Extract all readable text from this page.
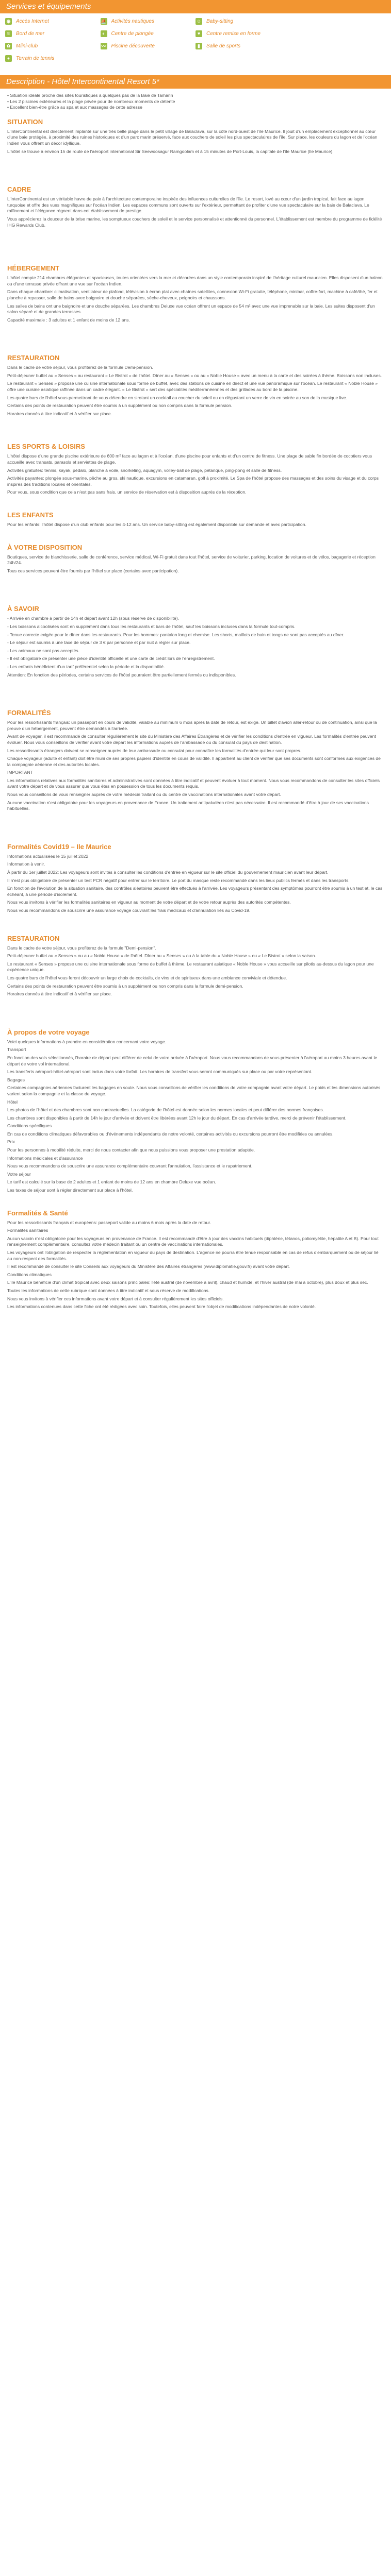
Services et équipements
◉ Accès Internet	⛵ Activités nautiques	☺ Baby-sitting
≈	Bord de mer	◐	Centre de plongée	♥	Centre remise en forme
✿ Miini-club	〰 Piscine découverte	▮	Salle de sports
●	Terrain de tennis
Description - Hôtel Intercontinental Resort 5*
• Situation idéale proche des sites touristiques à quelques pas de la Baie de Tamarin
• Les 2 piscines extérieures et la plage privée pour de nombreux moments de détente
• Excellent bien-être grâce au spa et aux massages de cette adresse
SITUATION

L'InterContinental est directement implanté sur une très belle plage dans le petit village de Balaclava, sur la côte nord-ouest de l'île Maurice. Il jouit d'un emplacement exceptionnel au cœur d'une baie protégée, à proximité des ruines historiques et d'un parc marin préservé, face aux couchers de soleil les plus spectaculaires de l'île. Sur place, les couleurs du lagon et de l'océan Indien vous offrent un décor idyllique.

L'hôtel se trouve à environ 1h de route de l'aéroport international Sir Seewoosagur Ramgoolam et à 15 minutes de Port-Louis, la capitale de l'île Maurice (Ile Maurice).

CADRE

L'InterContinental est un véritable havre de paix à l'architecture contemporaine inspirée des influences culturelles de l'île. Le resort, lové au cœur d'un jardin tropical, fait face au lagon turquoise et offre des vues magnifiques sur l'océan Indien. Les espaces communs sont ouverts sur l'extérieur, permettant de profiter d'une vue spectaculaire sur la baie de Balaclava. Le raffinement et l'élégance règnent dans cet établissement de prestige.

Vous apprécierez la douceur de la brise marine, les somptueux couchers de soleil et le service personnalisé et attentionné du personnel. L'établissement est membre du programme de fidélité IHG Rewards Club.

HÉBERGEMENT

L'hôtel compte 214 chambres élégantes et spacieuses, toutes orientées vers la mer et décorées dans un style contemporain inspiré de l'héritage culturel mauricien. Elles disposent d'un balcon ou d'une terrasse privée offrant une vue sur l'océan Indien.

Dans chaque chambre: climatisation, ventilateur de plafond, télévision à écran plat avec chaînes satellites, connexion Wi-Fi gratuite, téléphone, minibar, coffre-fort, machine à café/thé, fer et planche à repasser, salle de bains avec baignoire et douche séparées, sèche-cheveux, peignoirs et chaussons.

Les salles de bains ont une baignoire et une douche séparées. Les chambres Deluxe vue océan offrent un espace de 54 m² avec une vue imprenable sur la baie. Les suites disposent d'un salon séparé et de grandes terrasses.

Capacité maximale : 3 adultes et 1 enfant de moins de 12 ans.

RESTAURATION

Dans le cadre de votre séjour, vous profiterez de la formule Demi-pension.

Petit-déjeuner buffet au « Senses » au restaurant « Le Bistrot » de l'hôtel. Dîner au « Senses » ou au « Noble House » avec un menu à la carte et des soirées à thème. Boissons non incluses.

Le restaurant « Senses » propose une cuisine internationale sous forme de buffet, avec des stations de cuisine en direct et une vue panoramique sur l'océan. Le restaurant « Noble House » offre une cuisine asiatique raffinée dans un cadre élégant. « Le Bistrot » sert des spécialités méditerranéennes et des grillades au bord de la piscine.

Les quatre bars de l'hôtel vous permettront de vous détendre en sirotant un cocktail au coucher du soleil ou en dégustant un verre de vin en soirée au son de la musique live.

Certains des points de restauration peuvent être soumis à un supplément ou non compris dans la formule pension.

Horaires donnés à titre indicatif et à vérifier sur place.

LES SPORTS & LOISIRS

L'hôtel dispose d'une grande piscine extérieure de 600 m² face au lagon et à l'océan, d'une piscine pour enfants et d'un centre de fitness. Une plage de sable fin bordée de cocotiers vous accueille avec transats, parasols et serviettes de plage.

Activités gratuites: tennis, kayak, pédalo, planche à voile, snorkeling, aquagym, volley-ball de plage, pétanque, ping-pong et salle de fitness.

Activités payantes: plongée sous-marine, pêche au gros, ski nautique, excursions en catamaran, golf à proximité. Le Spa de l'hôtel propose des massages et des soins du visage et du corps inspirés des traditions locales et orientales.

Pour vous, sous condition que cela n'est pas sans frais, un service de réservation est à disposition auprès de la réception.

LES ENFANTS

Pour les enfants: l'hôtel dispose d'un club enfants pour les 4-12 ans. Un service baby-sitting est également disponible sur demande et avec participation.

À VOTRE DISPOSITION

Boutiques, service de blanchisserie, salle de conférence, service médical, Wi-Fi gratuit dans tout l'hôtel, service de voiturier, parking, location de voitures et de vélos, bagagerie et réception 24h/24.

Tous ces services peuvent être fournis par l'hôtel sur place (certains avec participation).

À SAVOIR

- Arrivée en chambre à partir de 14h et départ avant 12h (sous réserve de disponibilité).

- Les boissons alcoolisées sont en supplément dans tous les restaurants et bars de l'hôtel, sauf les boissons incluses dans la formule tout-compris.

- Tenue correcte exigée pour le dîner dans les restaurants. Pour les hommes: pantalon long et chemise. Les shorts, maillots de bain et tongs ne sont pas acceptés au dîner.

- Le séjour est soumis à une taxe de séjour de 3 € par personne et par nuit à régler sur place.

- Les animaux ne sont pas acceptés.

- Il est obligatoire de présenter une pièce d'identité officielle et une carte de crédit lors de l'enregistrement.

- Les enfants bénéficient d'un tarif préférentiel selon la période et la disponibilité.

Attention: En fonction des périodes, certains services de l'hôtel pourraient être partiellement fermés ou indisponibles.

FORMALITÉS

Pour les ressortissants français: un passeport en cours de validité, valable au minimum 6 mois après la date de retour, est exigé. Un billet d'avion aller-retour ou de continuation, ainsi que la preuve d'un hébergement, peuvent être demandés à l'arrivée.

Avant de voyager, il est recommandé de consulter régulièrement le site du Ministère des Affaires Étrangères et de vérifier les conditions d'entrée en vigueur. Les formalités d'entrée peuvent évoluer. Nous vous conseillons de vérifier avant votre départ les informations auprès de l'ambassade ou du consulat du pays de destination.

Les ressortissants étrangers doivent se renseigner auprès de leur ambassade ou consulat pour connaître les formalités d'entrée qui leur sont propres.

Chaque voyageur (adulte et enfant) doit être muni de ses propres papiers d'identité en cours de validité. Il appartient au client de vérifier que ses documents sont conformes aux exigences de la compagnie aérienne et des autorités locales.

IMPORTANT

Les informations relatives aux formalités sanitaires et administratives sont données à titre indicatif et peuvent évoluer à tout moment. Nous vous recommandons de consulter les sites officiels avant votre départ et de vous assurer que vous êtes en possession de tous les documents requis.

Nous vous conseillons de vous renseigner auprès de votre médecin traitant ou du centre de vaccinations internationales avant votre départ.

Aucune vaccination n'est obligatoire pour les voyageurs en provenance de France. Un traitement antipaludéen n'est pas nécessaire. Il est recommandé d'être à jour de ses vaccinations habituelles.

Formalités Covid19 – Ile Maurice

Informations actualisées le 15 juillet 2022

Information à venir.

À partir du 1er juillet 2022: Les voyageurs sont invités à consulter les conditions d'entrée en vigueur sur le site officiel du gouvernement mauricien avant leur départ.

Il n'est plus obligatoire de présenter un test PCR négatif pour entrer sur le territoire. Le port du masque reste recommandé dans les lieux publics fermés et dans les transports.

En fonction de l'évolution de la situation sanitaire, des contrôles aléatoires peuvent être effectués à l'arrivée. Les voyageurs présentant des symptômes pourront être soumis à un test et, le cas échéant, à une période d'isolement.

Nous vous invitons à vérifier les formalités sanitaires en vigueur au moment de votre départ et de votre retour auprès des autorités compétentes.

Nous vous recommandons de souscrire une assurance voyage couvrant les frais médicaux et d'annulation liés au Covid-19.

RESTAURATION

Dans le cadre de votre séjour, vous profiterez de la formule "Demi-pension".

Petit-déjeuner buffet au « Senses » ou au « Noble House » de l'hôtel. Dîner au « Senses » ou à la table du « Noble House » ou « Le Bistrot » selon la saison.

Le restaurant « Senses » propose une cuisine internationale sous forme de buffet à thème. Le restaurant asiatique « Noble House » vous accueille sur pilotis au-dessus du lagon pour une expérience unique.

Les quatre bars de l'hôtel vous feront découvrir un large choix de cocktails, de vins et de spiritueux dans une ambiance conviviale et détendue.

Certains des points de restauration peuvent être soumis à un supplément ou non compris dans la formule demi-pension.

Horaires donnés à titre indicatif et à vérifier sur place.

À propos de votre voyage

Voici quelques informations à prendre en considération concernant votre voyage.

Transport

En fonction des vols sélectionnés, l'horaire de départ peut différer de celui de votre arrivée à l'aéroport. Nous vous recommandons de vous présenter à l'aéroport au moins 3 heures avant le départ de votre vol international.

Les transferts aéroport-hôtel-aéroport sont inclus dans votre forfait. Les horaires de transfert vous seront communiqués sur place ou par votre représentant.

Bagages

Certaines compagnies aériennes facturent les bagages en soute. Nous vous conseillons de vérifier les conditions de votre compagnie avant votre départ. Le poids et les dimensions autorisés varient selon la compagnie et la classe de voyage.

Hôtel

Les photos de l'hôtel et des chambres sont non contractuelles. La catégorie de l'hôtel est donnée selon les normes locales et peut différer des normes françaises.

Les chambres sont disponibles à partir de 14h le jour d'arrivée et doivent être libérées avant 12h le jour du départ. En cas d'arrivée tardive, merci de prévenir l'établissement.

Conditions spécifiques

En cas de conditions climatiques défavorables ou d'événements indépendants de notre volonté, certaines activités ou excursions pourront être modifiées ou annulées.

Prix

Pour les personnes à mobilité réduite, merci de nous contacter afin que nous puissions vous proposer une prestation adaptée.

Informations médicales et d'assurance

Nous vous recommandons de souscrire une assurance complémentaire couvrant l'annulation, l'assistance et le rapatriement.

Votre séjour

Le tarif est calculé sur la base de 2 adultes et 1 enfant de moins de 12 ans en chambre Deluxe vue océan.

Les taxes de séjour sont à régler directement sur place à l'hôtel.

Formalités & Santé

Pour les ressortissants français et européens: passeport valide au moins 6 mois après la date de retour.

Formalités sanitaires

Aucun vaccin n'est obligatoire pour les voyageurs en provenance de France. Il est recommandé d'être à jour des vaccins habituels (diphtérie, tétanos, poliomyélite, hépatite A et B). Pour tout renseignement complémentaire, consultez votre médecin traitant ou un centre de vaccinations internationales.

Les voyageurs ont l'obligation de respecter la réglementation en vigueur du pays de destination. L'agence ne pourra être tenue responsable en cas de refus d'embarquement ou de séjour lié au non-respect des formalités.

Il est recommandé de consulter le site Conseils aux voyageurs du Ministère des Affaires étrangères (www.diplomatie.gouv.fr) avant votre départ.

Conditions climatiques

L'île Maurice bénéficie d'un climat tropical avec deux saisons principales: l'été austral (de novembre à avril), chaud et humide, et l'hiver austral (de mai à octobre), plus doux et plus sec.

Toutes les informations de cette rubrique sont données à titre indicatif et sous réserve de modifications.

Nous vous invitons à vérifier ces informations avant votre départ et à consulter régulièrement les sites officiels.

Les informations contenues dans cette fiche ont été rédigées avec soin. Toutefois, elles peuvent faire l'objet de modifications indépendantes de notre volonté.
